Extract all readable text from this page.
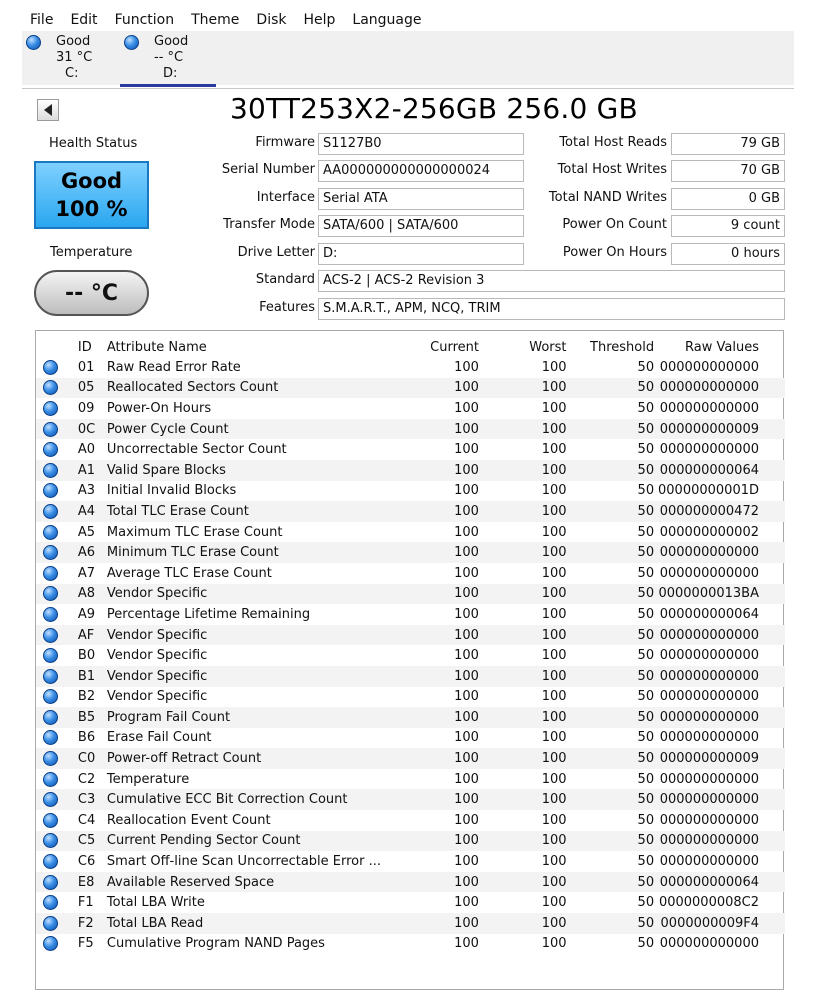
File Edit Function Theme Disk Help Language
Good
31 °C
C:
Good
-- °C
D:
30TT253X2-256GB 256.0 GB
Health Status
Good
100 %
Temperature
-- °C
Firmware S1127B0
Serial Number AA000000000000000024
Interface Serial ATA
Transfer Mode SATA/600 | SATA/600
Drive Letter D:
Standard ACS-2 | ACS-2 Revision 3
Features S.M.A.R.T., APM, NCQ, TRIM
Total Host Reads	79 GB
Total Host Writes	70 GB
Total NAND Writes	0 GB
Power On Count	9 count
Power On Hours	0 hours
	ID	Attribute Name	Current	Worst	Threshold	Raw Values
	01	Raw Read Error Rate	100	100	50	000000000000
	05	Reallocated Sectors Count	100	100	50	000000000000
	09	Power-On Hours	100	100	50	000000000000
	0C	Power Cycle Count	100	100	50	000000000009
	A0	Uncorrectable Sector Count	100	100	50	000000000000
	A1	Valid Spare Blocks	100	100	50	000000000064
	A3	Initial Invalid Blocks	100	100	50	00000000001D
	A4	Total TLC Erase Count	100	100	50	000000000472
	A5	Maximum TLC Erase Count	100	100	50	000000000002
	A6	Minimum TLC Erase Count	100	100	50	000000000000
	A7	Average TLC Erase Count	100	100	50	000000000000
	A8	Vendor Specific	100	100	50	0000000013BA
	A9	Percentage Lifetime Remaining	100	100	50	000000000064
	AF	Vendor Specific	100	100	50	000000000000
	B0	Vendor Specific	100	100	50	000000000000
	B1	Vendor Specific	100	100	50	000000000000
	B2	Vendor Specific	100	100	50	000000000000
	B5	Program Fail Count	100	100	50	000000000000
	B6	Erase Fail Count	100	100	50	000000000000
	C0	Power-off Retract Count	100	100	50	000000000009
	C2	Temperature	100	100	50	000000000000
	C3	Cumulative ECC Bit Correction Count	100	100	50	000000000000
	C4	Reallocation Event Count	100	100	50	000000000000
	C5	Current Pending Sector Count	100	100	50	000000000000
	C6	Smart Off-line Scan Uncorrectable Error ...	100	100	50	000000000000
	E8	Available Reserved Space	100	100	50	000000000064
	F1	Total LBA Write	100	100	50	0000000008C2
	F2	Total LBA Read	100	100	50	0000000009F4
	F5	Cumulative Program NAND Pages	100	100	50	000000000000
